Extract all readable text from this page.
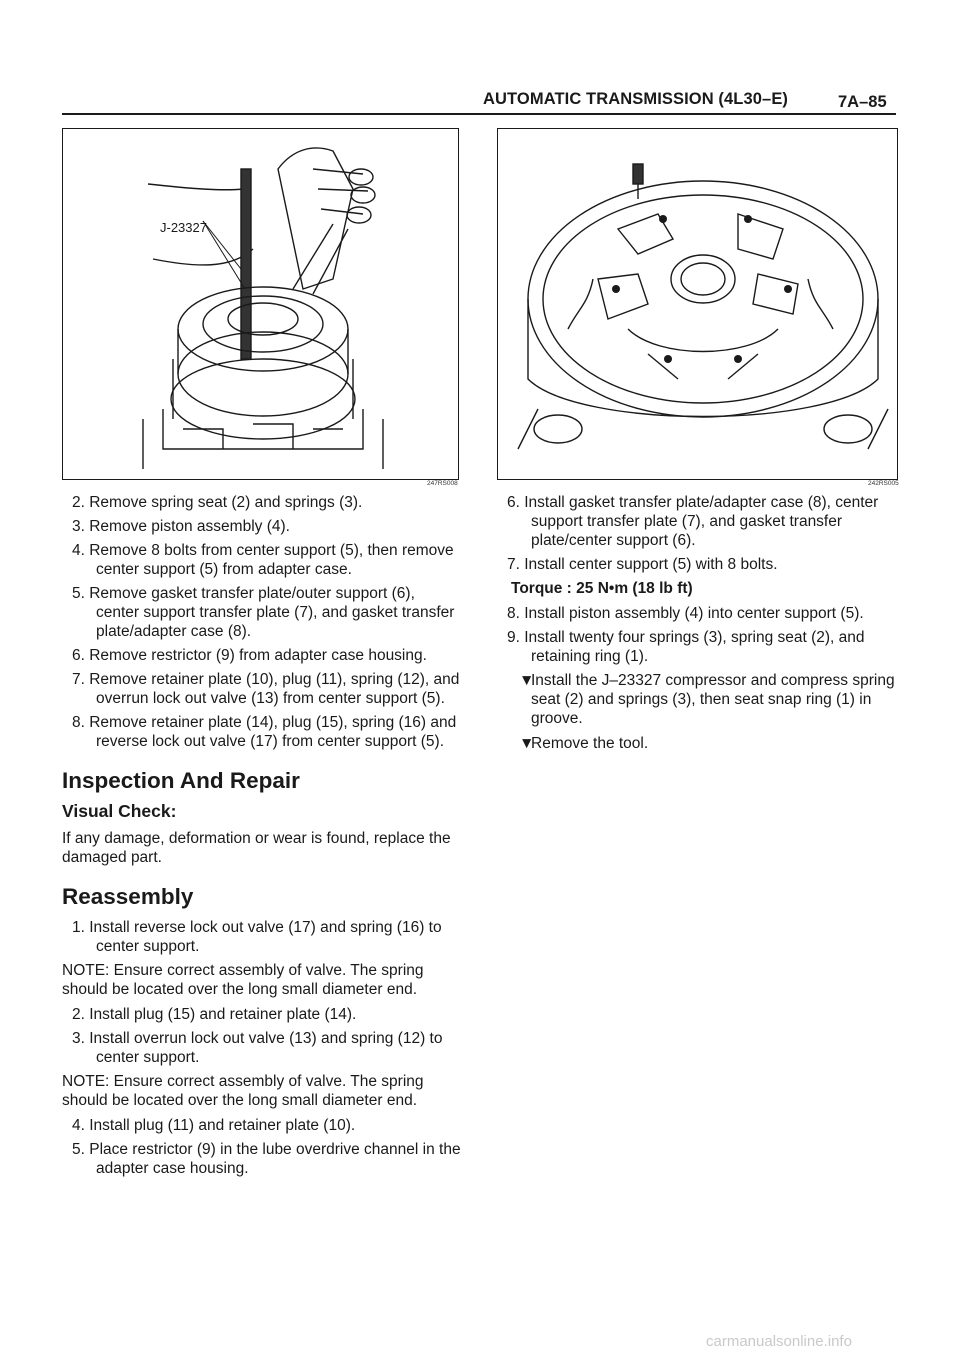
AUTOMATIC TRANSMISSION (4L30–E)	7A–85
J-23327
247RS008	242RS005
2. Remove spring seat (2) and springs (3).
3. Remove piston assembly (4).
4. Remove 8 bolts from center support (5), then remove center support (5) from adapter case.
5. Remove gasket transfer plate/outer support (6), center support transfer plate (7), and gasket transfer plate/adapter case (8).
6. Remove restrictor (9) from adapter case housing.
7. Remove retainer plate (10), plug (11), spring (12), and overrun lock out valve (13) from center support (5).
8. Remove retainer plate (14), plug (15), spring (16) and reverse lock out valve (17) from center support (5).
Inspection And Repair
Visual Check:
If any damage, deformation or wear is found, replace the damaged part.
Reassembly
1. Install reverse lock out valve (17) and spring (16) to center support.
NOTE: Ensure correct assembly of valve. The spring should be located over the long small diameter end.
2. Install plug (15) and retainer plate (14).
3. Install overrun lock out valve (13) and spring (12) to center support.
NOTE: Ensure correct assembly of valve. The spring should be located over the long small diameter end.
4. Install plug (11) and retainer plate (10).
5. Place restrictor (9) in the lube overdrive channel in the adapter case housing.
6. Install gasket transfer plate/adapter case (8), center support transfer plate (7), and gasket transfer plate/center support (6).
7. Install center support (5) with 8 bolts.
Torque : 25 N•m (18 lb ft)
8. Install piston assembly (4) into center support (5).
9. Install twenty four springs (3), spring seat (2), and retaining ring (1).
▼Install the J–23327 compressor and compress spring seat (2) and springs (3), then seat snap ring (1) in groove.
▼Remove the tool.
carmanualsonline.info
